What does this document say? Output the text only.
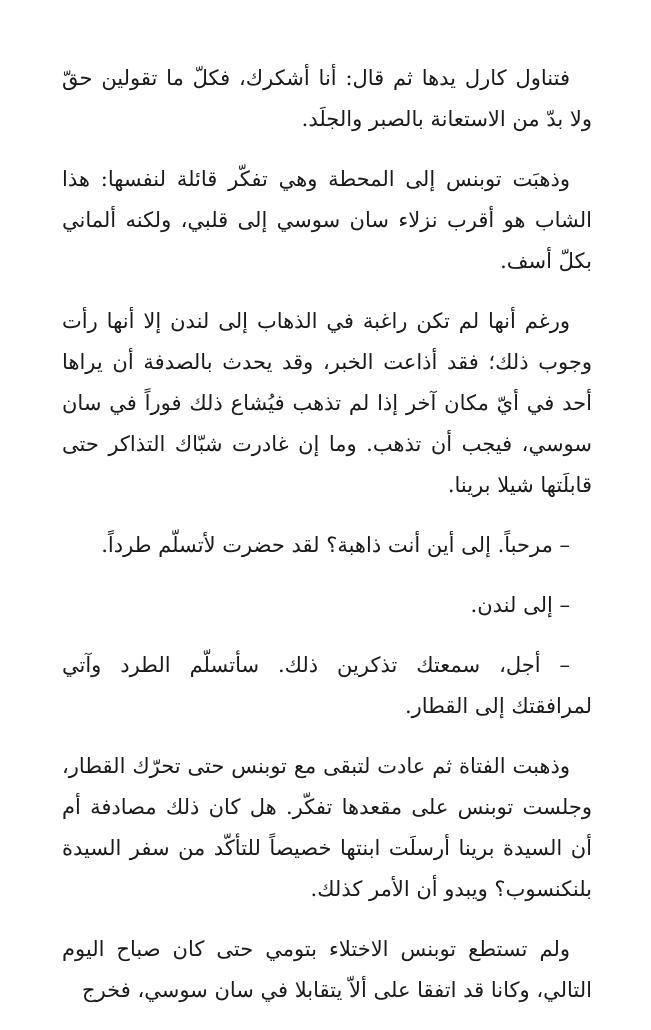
فتناول كارل يدها ثم قال: أنا أشكرك، فكلّ ما تقولين حقّ ولا بدّ من الاستعانة بالصبر والجلَد.

وذهبَت توبنس إلى المحطة وهي تفكّر قائلة لنفسها: هذا الشاب هو أقرب نزلاء سان سوسي إلى قلبي، ولكنه ألماني بكلّ أسف.

ورغم أنها لم تكن راغبة في الذهاب إلى لندن إلا أنها رأت وجوب ذلك؛ فقد أذاعت الخبر، وقد يحدث بالصدفة أن يراها أحد في أيّ مكان آخر إذا لم تذهب فيُشاع ذلك فوراً في سان سوسي، فيجب أن تذهب. وما إن غادرت شبّاك التذاكر حتى قابلَتها شيلا برينا.

– مرحباً. إلى أين أنت ذاهبة؟ لقد حضرت لأتسلّم طرداً.

– إلى لندن.

– أجل، سمعتك تذكرين ذلك. سأتسلّم الطرد وآتي لمرافقتك إلى القطار.

وذهبت الفتاة ثم عادت لتبقى مع توبنس حتى تحرّك القطار، وجلست توبنس على مقعدها تفكّر. هل كان ذلك مصادفة أم أن السيدة برينا أرسلَت ابنتها خصيصاً للتأكّد من سفر السيدة بلنكنسوب؟ ويبدو أن الأمر كذلك.

ولم تستطع توبنس الاختلاء بتومي حتى كان صباح اليوم التالي، وكانا قد اتفقا على ألاّ يتقابلا في سان سوسي، فخرج
